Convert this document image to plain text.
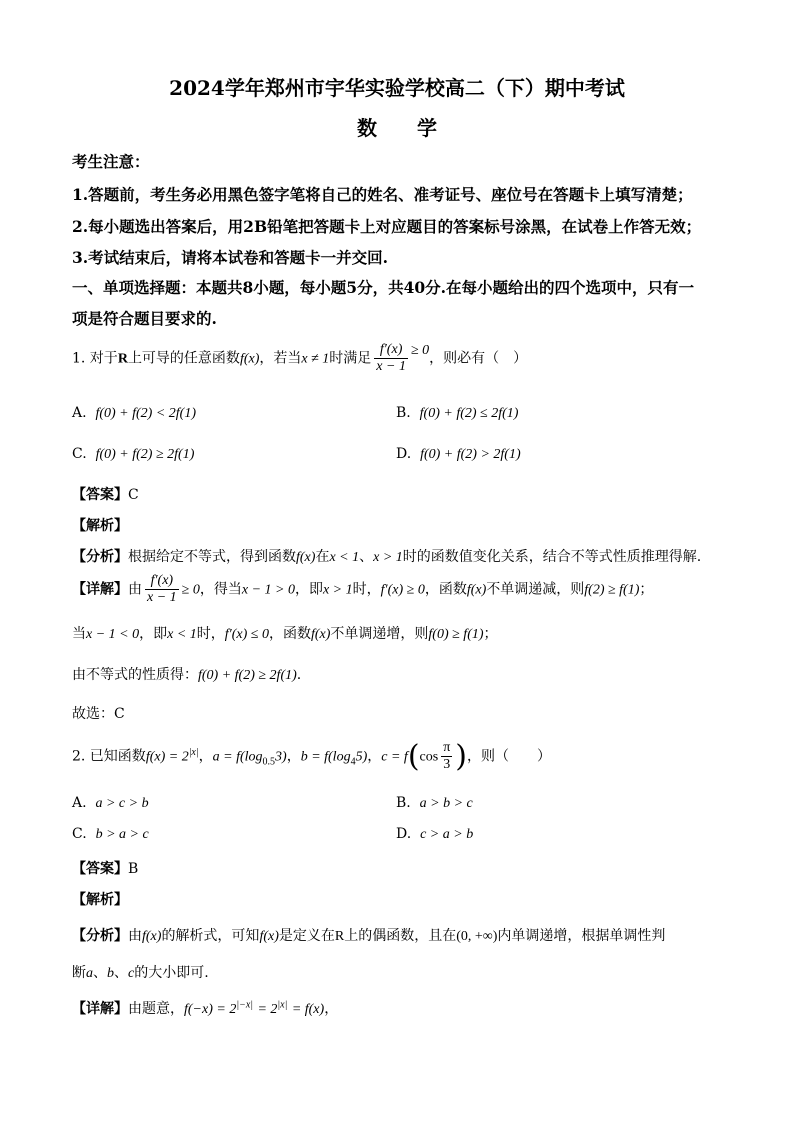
2024学年郑州市宇华实验学校高二（下）期中考试
数　　学
考生注意：
1.答题前，考生务必用黑色签字笔将自己的姓名、准考证号、座位号在答题卡上填写清楚；
2.每小题选出答案后，用2B铅笔把答题卡上对应题目的答案标号涂黑，在试卷上作答无效；
3.考试结束后，请将本试卷和答题卡一并交回.
一、单项选择题：本题共8小题，每小题5分，共40分.在每小题给出的四个选项中，只有一
项是符合题目要求的.
1. 对于R上可导的任意函数f(x)，若当x ≠ 1时满足 $\frac{f'(x)}{x - 1} \ge 0$，则必有（　）
A. f(0) + f(2) < 2f(1)	B. f(0) + f(2) ≤ 2f(1)
C. f(0) + f(2) ≥ 2f(1)	D. f(0) + f(2) > 2f(1)
【答案】C
【解析】
【分析】根据给定不等式，得到函数f(x)在x < 1、x > 1时的函数值变化关系，结合不等式性质推理得解.
【详解】由 $\frac{f'(x)}{x - 1} \ge 0$，得当x − 1 > 0，即x > 1时，f′(x) ≥ 0，函数f(x)不单调递减，则f(2) ≥ f(1)；
当x − 1 < 0，即x < 1时，f′(x) ≤ 0，函数f(x)不单调递增，则f(0) ≥ f(1)；
由不等式的性质得：f(0) + f(2) ≥ 2f(1).
故选：C
2. 已知函数$f(x) = 2^{|x|}$，$a = f(\log_{0.5}3)$，$b = f(\log_45)$，$c = f(\cos \frac{\pi}{3}$ )，则（　　）
A. a > c > b	B. a > b > c
C. b > a > c	D. c > a > b
【答案】B
【解析】
【分析】由f(x)的解析式，可知f(x)是定义在R上的偶函数，且在(0, +∞)内单调递增，根据单调性判
断a、b、c的大小即可.
【详解】由题意，$f(-x) = 2^{|-x|} = 2^{|x|} = f(x)$，
